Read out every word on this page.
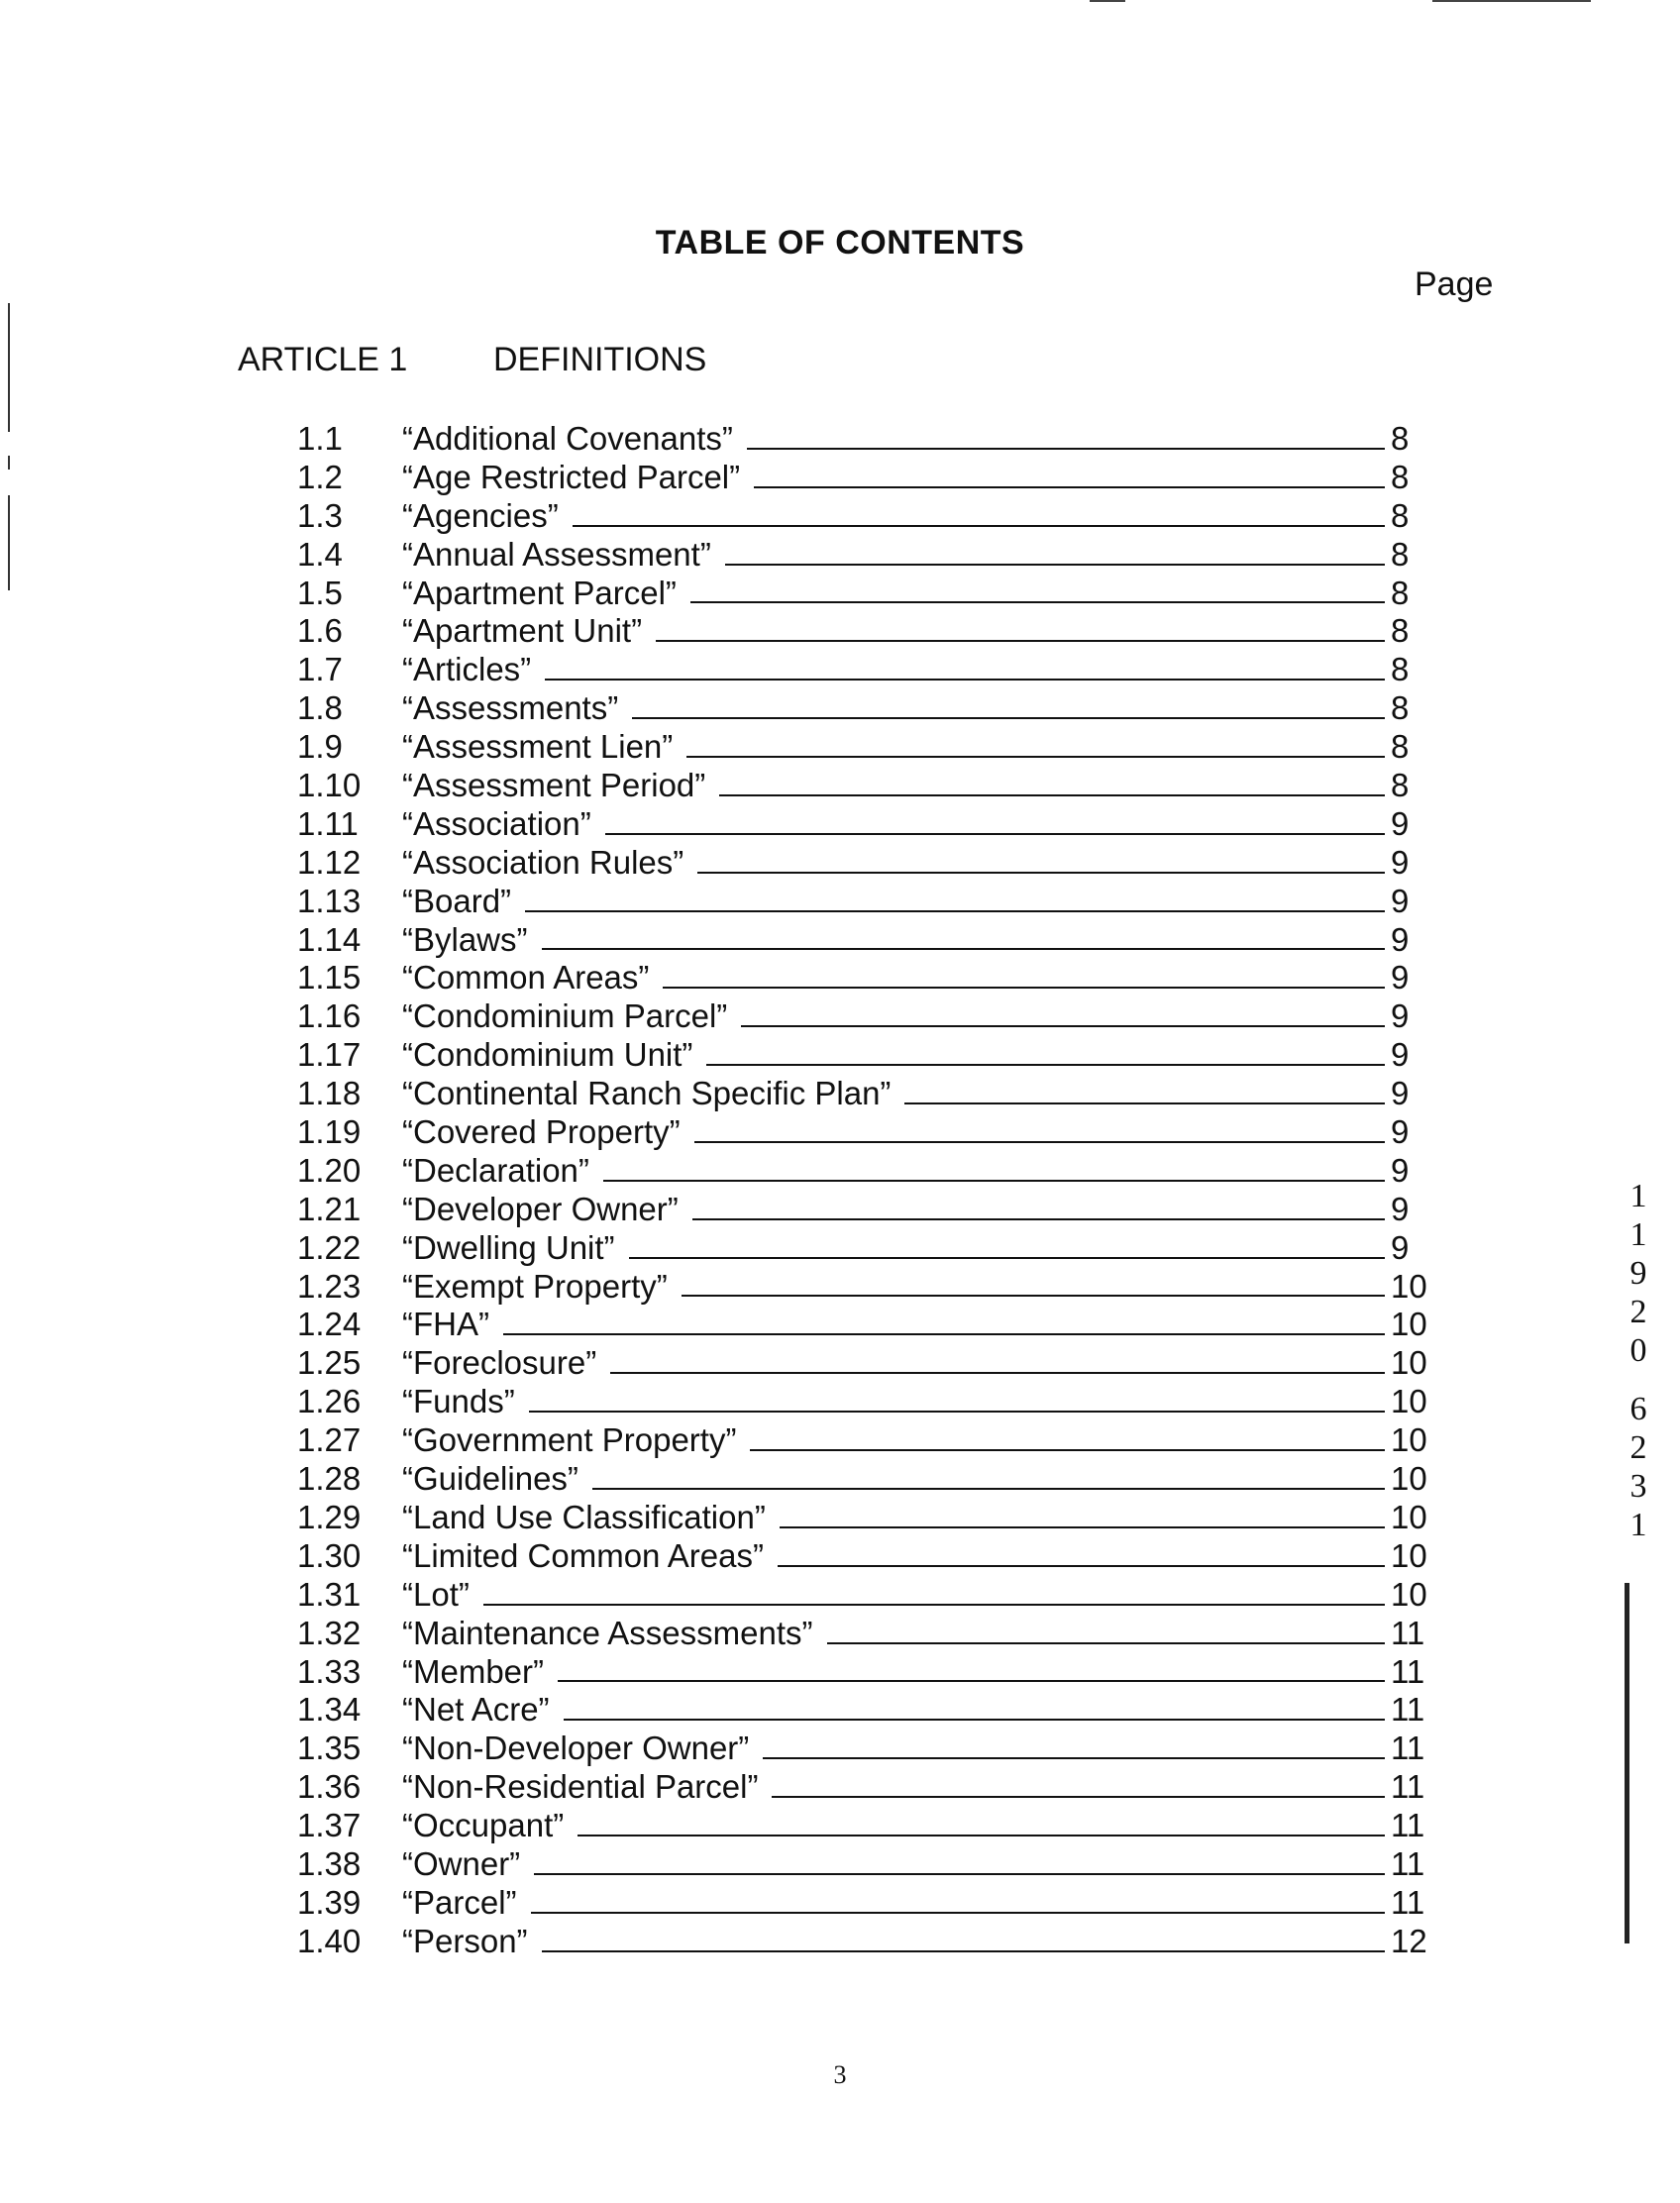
TABLE OF CONTENTS
Page
ARTICLE 1	DEFINITIONS
1.1	“Additional Covenants”	8
1.2	“Age Restricted Parcel”	8
1.3	“Agencies”	8
1.4	“Annual Assessment”	8
1.5	“Apartment Parcel”	8
1.6	“Apartment Unit”	8
1.7	“Articles”	8
1.8	“Assessments”	8
1.9	“Assessment Lien”	8
1.10	“Assessment Period”	8
1.11	“Association”	9
1.12	“Association Rules”	9
1.13	“Board”	9
1.14	“Bylaws”	9
1.15	“Common Areas”	9
1.16	“Condominium Parcel”	9
1.17	“Condominium Unit”	9
1.18	“Continental Ranch Specific Plan”	9
1.19	“Covered Property”	9
1.20	“Declaration”	9
1.21	“Developer Owner”	9
1.22	“Dwelling Unit”	9
1.23	“Exempt Property”	10
1.24	“FHA”	10
1.25	“Foreclosure”	10
1.26	“Funds”	10
1.27	“Government Property”	10
1.28	“Guidelines”	10
1.29	“Land Use Classification”	10
1.30	“Limited Common Areas”	10
1.31	“Lot”	10
1.32	“Maintenance Assessments”	11
1.33	“Member”	11
1.34	“Net Acre”	11
1.35	“Non-Developer Owner”	11
1.36	“Non-Residential Parcel”	11
1.37	“Occupant”	11
1.38	“Owner”	11
1.39	“Parcel”	11
1.40	“Person”	12
1
1
9
2
0
6
2
3
1
3
